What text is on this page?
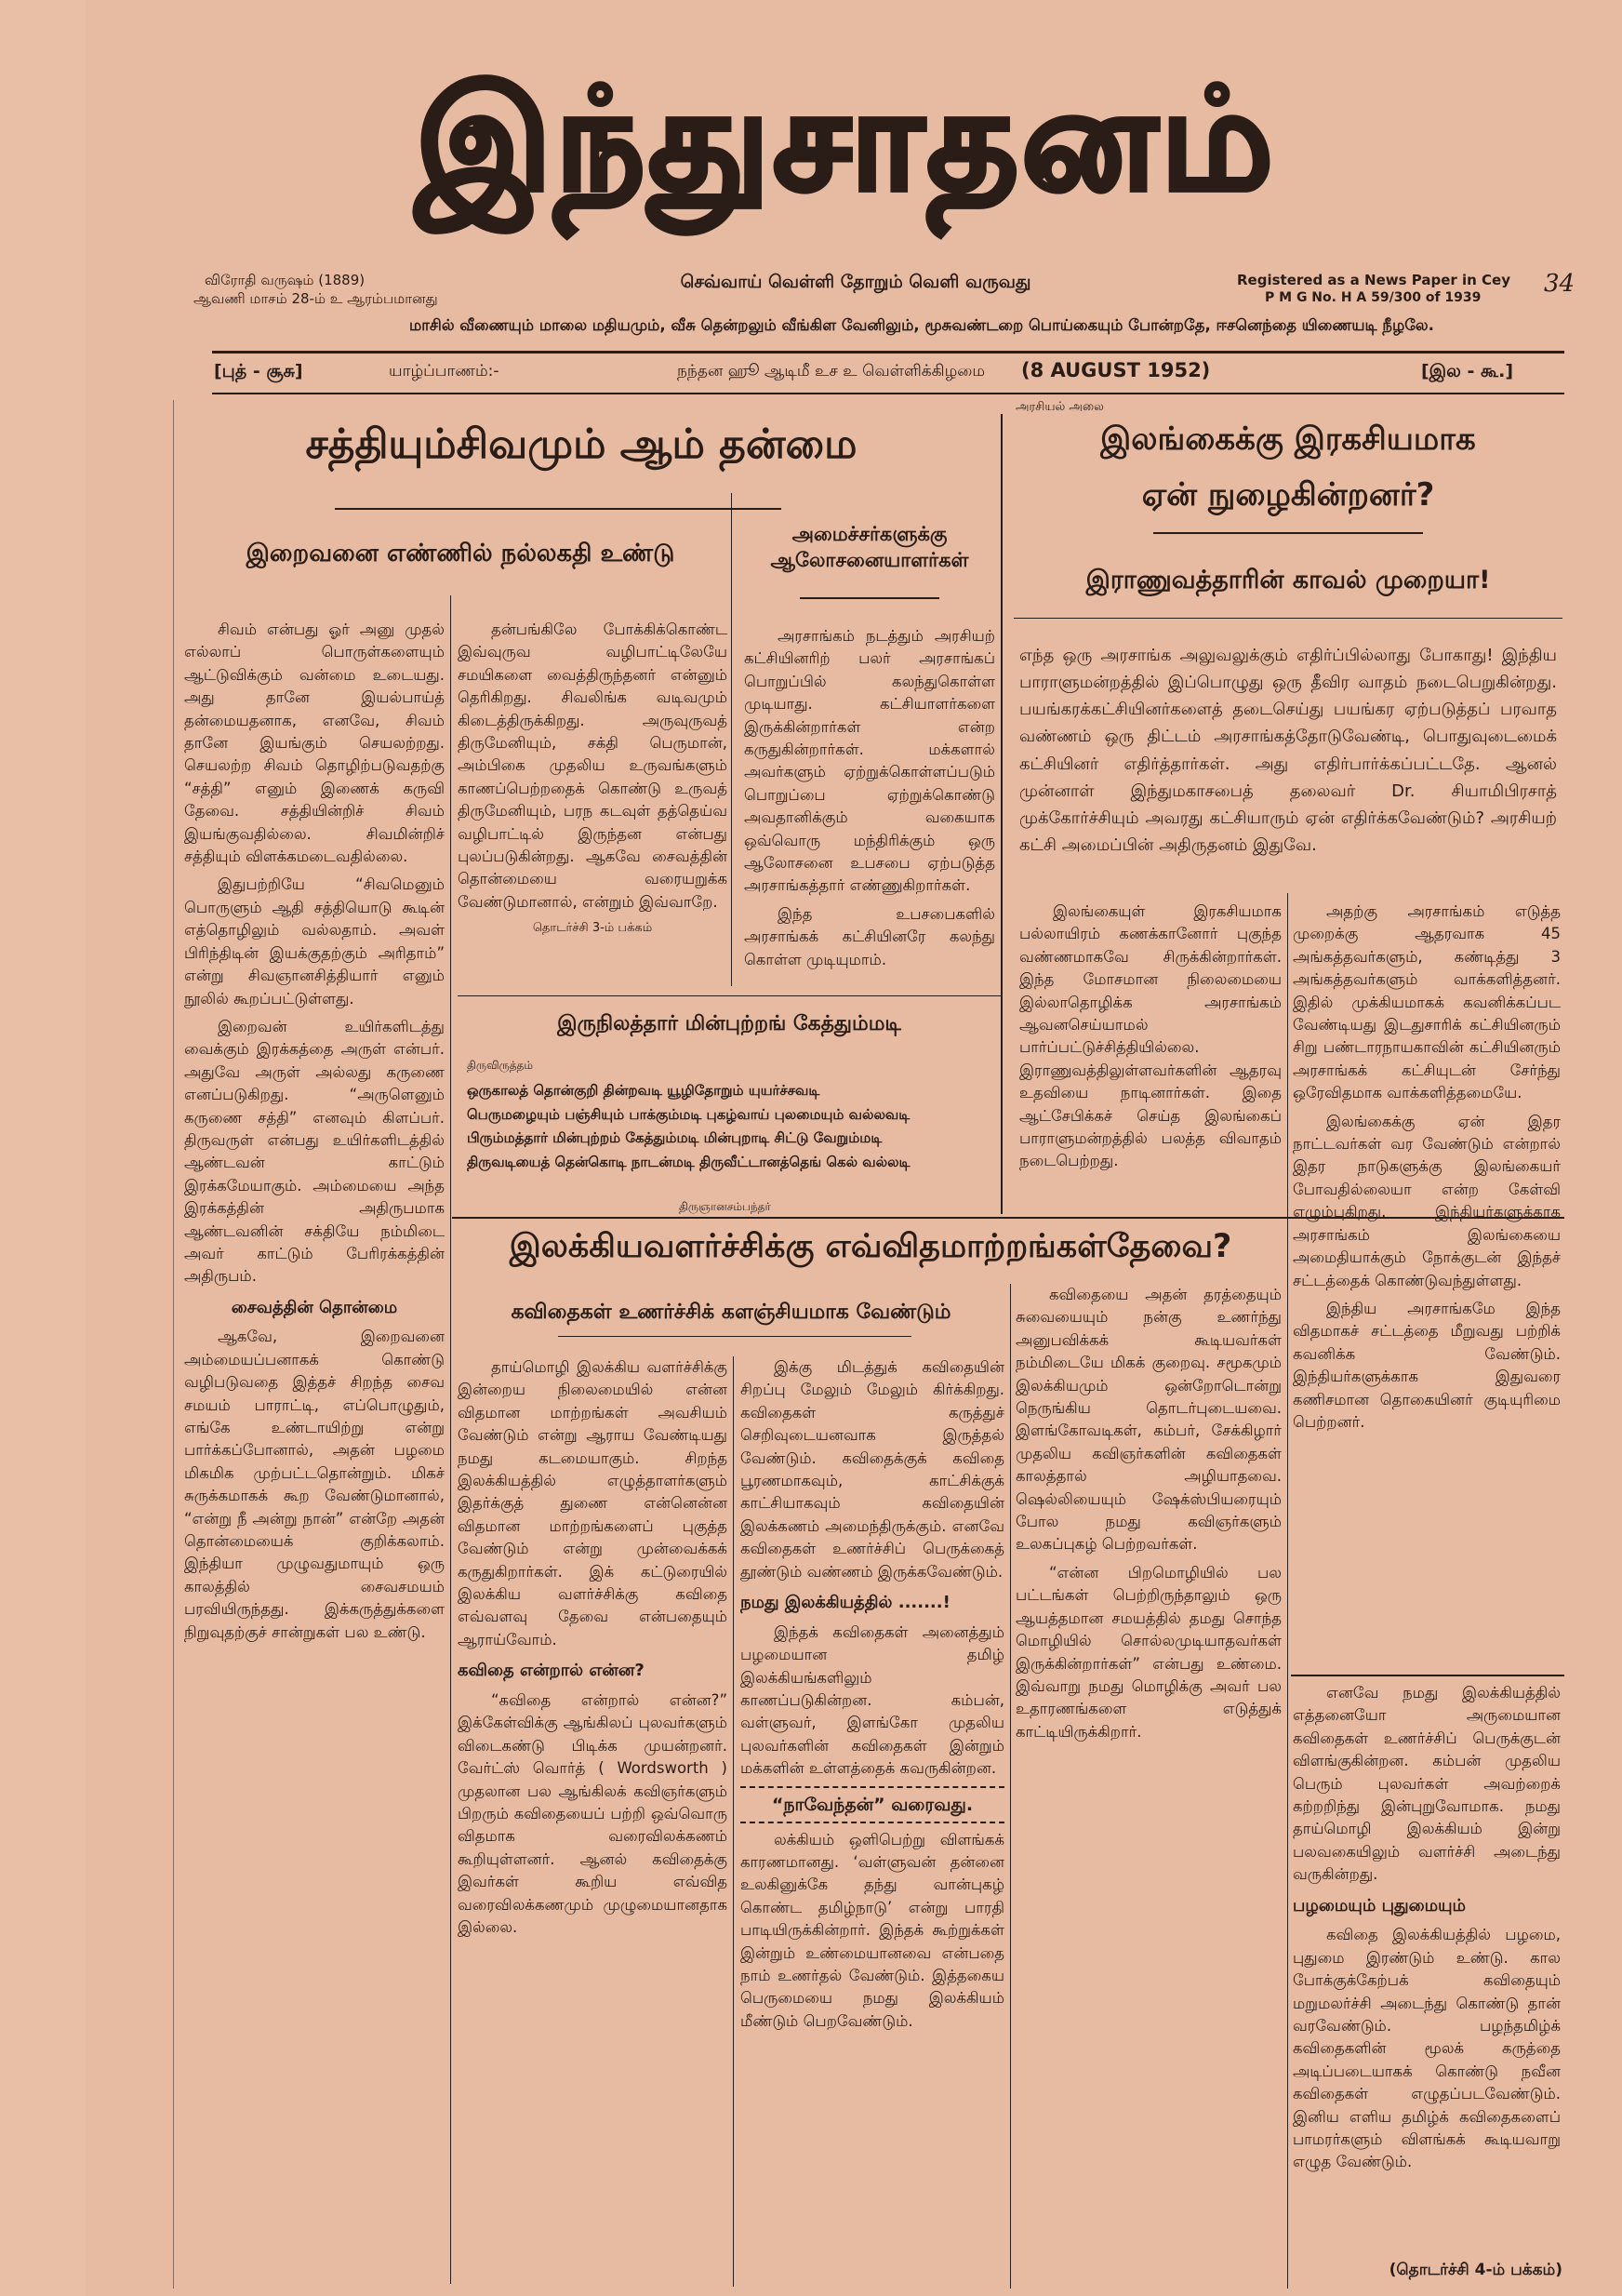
இந்துசாதனம்
விரோதி வருஷம் (1889)
ஆவணி மாசம் 28-ம் உ ஆரம்பமானது
செவ்வாய் வெள்ளி தோறும் வெளி வருவது	Registered as a News Paper in Cey
P M G No. H A 59/300 of 1939
மாசில் வீணையும் மாலை மதியமும், வீசு தென்றலும் வீங்கிள வேனிலும், மூசுவண்டறை பொய்கையும் போன்றதே, ஈசனெந்தை யிணையடி நீழலே.
34
[புத் - சூசு]	யாழ்ப்பாணம்:-	நந்தன ஹூ ஆடிமீ உச உ வெள்ளிக்கிழமை (8 AUGUST 1952)	[இல - கூ.]
சத்தியும்சிவமும் ஆம் தன்மை
இறைவனை எண்ணில் நல்லகதி உண்டு

சிவம் என்பது ஓர் அனு முதல் எல்லாப் பொருள்களையும் ஆட்டுவிக்கும் வன்மை உடையது. அது தானே இயல்பாய்த் தன்மையதனாக, எனவே, சிவம் தானே இயங்கும் செயலற்றது. செயலற்ற சிவம் தொழிற்படுவதற்கு “சத்தி” எனும் இணைக் கருவி தேவை. சத்தியின்றிச் சிவம் இயங்குவதில்லை. சிவமின்றிச் சத்தியும் விளக்கமடைவதில்லை.

இதுபற்றியே “சிவமெனும் பொருளும் ஆதி சத்தியொடு கூடின் எத்தொழிலும் வல்லதாம். அவள் பிரிந்திடின் இயக்குதற்கும் அரிதாம்” என்று சிவஞானசித்தியார் எனும் நூலில் கூறப்பட்டுள்ளது.

இறைவன் உயிர்களிடத்து வைக்கும் இரக்கத்தை அருள் என்பர். அதுவே அருள் அல்லது கருணை எனப்படுகிறது. “அருளெனும் கருணை சத்தி” எனவும் கிளப்பர். திருவருள் என்பது உயிர்களிடத்தில் ஆண்டவன் காட்டும் இரக்கமேயாகும். அம்மையை அந்த இரக்கத்தின் அதிருபமாக ஆண்டவனின் சக்தியே நம்மிடை அவர் காட்டும் பேரிரக்கத்தின் அதிருபம்.

சைவத்தின் தொன்மை

ஆகவே, இறைவனை அம்மையப்பனாகக் கொண்டு வழிபடுவதை இத்தச் சிறந்த சைவ சமயம் பாராட்டி, எப்பொழுதும், எங்கே உண்டாயிற்று என்று பார்க்கப்போனால், அதன் பழமை மிகமிக முற்பட்டதொன்றும். மிகச் சுருக்கமாகக் கூற வேண்டுமானால், “என்று நீ அன்று நான்” என்றே அதன் தொன்மையைக் குறிக்கலாம். இந்தியா முழுவதுமாயும் ஒரு காலத்தில் சைவசமயம் பரவியிருந்தது. இக்கருத்துக்களை நிறுவுதற்குச் சான்றுகள் பல உண்டு.

தன்பங்கிலே போக்கிக்கொண்ட இவ்வுருவ வழிபாட்டிலேயே சமயிகளை வைத்திருந்தனர் என்னும் தெரிகிறது. சிவலிங்க வடிவமும் கிடைத்திருக்கிறது. அருவுருவத் திருமேனியும், சக்தி பெருமான், அம்பிகை முதலிய உருவங்களும் காணப்பெற்றதைக் கொண்டு உருவத் திருமேனியும், பரந கடவுள் தத்தெய்வ வழிபாட்டில் இருந்தன என்பது புலப்படுகின்றது. ஆகவே சைவத்தின் தொன்மையை வரையறுக்க வேண்டுமானால், என்றும் இவ்வாறே.

தொடர்ச்சி 3-ம் பக்கம்
அமைச்சர்களுக்கு ஆலோசனையாளர்கள்

அரசாங்கம் நடத்தும் அரசியற் கட்சியினரிற் பலர் அரசாங்கப் பொறுப்பில் கலந்துகொள்ள முடியாது. கட்சியாளர்களை இருக்கின்றார்கள் என்ற கருதுகின்றார்கள். மக்களால் அவர்களும் ஏற்றுக்கொள்ளப்படும் பொறுப்பை ஏற்றுக்கொண்டு அவதானிக்கும் வகையாக ஒவ்வொரு மந்திரிக்கும் ஒரு ஆலோசனை உபசபை ஏற்படுத்த அரசாங்கத்தார் எண்ணுகிறார்கள்.

இந்த உபசபைகளில் அரசாங்கக் கட்சியினரே கலந்து கொள்ள முடியுமாம்.

இருநிலத்தார் மின்புற்றங் கேத்தும்மடி
திருவிருத்தம்
ஒருகாலத் தொன்குறி தின்றவடி யூழிதோறும் யுயர்ச்சவடி
பெருமழையும் பஞ்சியும் பாக்கும்மடி புகழ்வாய் புலமையும் வல்லவடி
பிரும்மத்தார் மின்புற்றம் கேத்தும்மடி மின்புறாடி சிட்டு வேறும்மடி
திருவடியைத் தென்கொடி நாடன்மடி திருவீட்டானத்தெங் கெல் வல்லடி
திருஞானசம்பந்தர்
அரசியல் அலை
இலங்கைக்கு இரகசியமாக
ஏன் நுழைகின்றனர்?
இராணுவத்தாரின் காவல் முறையா!

எந்த ஒரு அரசாங்க அலுவலுக்கும் எதிர்ப்பில்லாது போகாது! இந்திய பாராளுமன்றத்தில் இப்பொழுது ஒரு தீவிர வாதம் நடைபெறுகின்றது. பயங்கரக்கட்சியினர்களைத் தடைசெய்து பயங்கர ஏற்படுத்தப் பரவாத வண்ணம் ஒரு திட்டம் அரசாங்கத்தோடுவேண்டி, பொதுவுடைமைக் கட்சியினர் எதிர்த்தார்கள். அது எதிர்பார்க்கப்பட்டதே. ஆனல் முன்னாள் இந்துமகாசபைத் தலைவர் Dr. சியாமிபிரசாத் முக்கோர்ச்சியும் அவரது கட்சியாரும் ஏன் எதிர்க்கவேண்டும்? அரசியற் கட்சி அமைப்பின் அதிருதனம் இதுவே.

இலங்கையுள் இரகசியமாக பல்லாயிரம் கணக்கானோர் புகுந்த வண்ணமாகவே சிருக்கின்றார்கள். இந்த மோசமான நிலைமையை இல்லாதொழிக்க அரசாங்கம் ஆவனசெய்யாமல் பார்ப்பட்டுச்சித்தியில்லை. இராணுவத்திலுள்ளவர்களின் ஆதரவு உதவியை நாடினார்கள். இதை ஆட்சேபிக்கச் செய்த இலங்கைப் பாராளுமன்றத்தில் பலத்த விவாதம் நடைபெற்றது.

அதற்கு அரசாங்கம் எடுத்த முறைக்கு ஆதரவாக 45 அங்கத்தவர்களும், கண்டித்து 3 அங்கத்தவர்களும் வாக்களித்தனர். இதில் முக்கியமாகக் கவனிக்கப்பட வேண்டியது இடதுசாரிக் கட்சியினரும் சிறு பண்டாரநாயகாவின் கட்சியினரும் அரசாங்கக் கட்சியுடன் சேர்ந்து ஒரேவிதமாக வாக்களித்தமையே.

இலங்கைக்கு ஏன் இதர நாட்டவர்கள் வர வேண்டும் என்றால் இதர நாடுகளுக்கு இலங்கையர் போவதில்லையா என்ற கேள்வி எழும்புகிறது. இந்தியர்களுக்காக அரசாங்கம் இலங்கையை அமைதியாக்கும் நோக்குடன் இந்தச் சட்டத்தைக் கொண்டுவந்துள்ளது.

இந்திய அரசாங்கமே இந்த விதமாகச் சட்டத்தை மீறுவது பற்றிக் கவனிக்க வேண்டும். இந்தியர்களுக்காக இதுவரை கணிசமான தொகையினர் குடியுரிமை பெற்றனர்.

இலக்கியவளர்ச்சிக்கு எவ்விதமாற்றங்கள்தேவை?
கவிதைகள் உணர்ச்சிக் களஞ்சியமாக வேண்டும்

தாய்மொழி இலக்கிய வளர்ச்சிக்கு இன்றைய நிலைமையில் என்ன விதமான மாற்றங்கள் அவசியம் வேண்டும் என்று ஆராய வேண்டியது நமது கடமையாகும். சிறந்த இலக்கியத்தில் எழுத்தாளர்களும் இதர்க்குத் துணை என்னென்ன விதமான மாற்றங்களைப் புகுத்த வேண்டும் என்று முன்வைக்கக் கருதுகிறார்கள். இக் கட்டுரையில் இலக்கிய வளர்ச்சிக்கு கவிதை எவ்வளவு தேவை என்பதையும் ஆராய்வோம்.

கவிதை என்றால் என்ன?

“கவிதை என்றால் என்ன?” இக்கேள்விக்கு ஆங்கிலப் புலவர்களும் விடைகண்டு பிடிக்க முயன்றனர். வேர்ட்ஸ் வொர்த் ( Wordsworth ) முதலான பல ஆங்கிலக் கவிஞர்களும் பிறரும் கவிதையைப் பற்றி ஒவ்வொரு விதமாக வரைவிலக்கணம் கூறியுள்ளனர். ஆனல் கவிதைக்கு இவர்கள் கூறிய எவ்வித வரைவிலக்கணமும் முழுமையானதாக இல்லை.

இக்கு மிடத்துக் கவிதையின் சிறப்பு மேலும் மேலும் கிர்க்கிறது. கவிதைகள் கருத்துச் செறிவுடையனவாக இருத்தல் வேண்டும். கவிதைக்குக் கவிதை பூரணமாகவும், காட்சிக்குக் காட்சியாகவும் கவிதையின் இலக்கணம் அமைந்திருக்கும். எனவே கவிதைகள் உணர்ச்சிப் பெருக்கைத் தூண்டும் வண்ணம் இருக்கவேண்டும்.

நமது இலக்கியத்தில் .......!

இந்தக் கவிதைகள் அனைத்தும் பழமையான தமிழ் இலக்கியங்களிலும் காணப்படுகின்றன. கம்பன், வள்ளுவர், இளங்கோ முதலிய புலவர்களின் கவிதைகள் இன்றும் மக்களின் உள்ளத்தைக் கவருகின்றன.

“நாவேந்தன்” வரைவது.

லக்கியம் ஒளிபெற்று விளங்கக் காரணமானது. ‘வள்ளுவன் தன்னை உலகினுக்கே தந்து வான்புகழ் கொண்ட தமிழ்நாடு’ என்று பாரதி பாடியிருக்கின்றார். இந்தக் கூற்றுக்கள் இன்றும் உண்மையானவை என்பதை நாம் உணர்தல் வேண்டும். இத்தகைய பெருமையை நமது இலக்கியம் மீண்டும் பெறவேண்டும்.

கவிதையை அதன் தரத்தையும் சுவையையும் நன்கு உணர்ந்து அனுபவிக்கக் கூடியவர்கள் நம்மிடையே மிகக் குறைவு. சமூகமும் இலக்கியமும் ஒன்றோடொன்று நெருங்கிய தொடர்புடையவை. இளங்கோவடிகள், கம்பர், சேக்கிழார் முதலிய கவிஞர்களின் கவிதைகள் காலத்தால் அழியாதவை. ஷெல்லியையும் ஷேக்ஸ்பியரையும் போல நமது கவிஞர்களும் உலகப்புகழ் பெற்றவர்கள்.

“என்ன பிறமொழியில் பல பட்டங்கள் பெற்றிருந்தாலும் ஒரு ஆயத்தமான சமயத்தில் தமது சொந்த மொழியில் சொல்லமுடியாதவர்கள் இருக்கின்றார்கள்” என்பது உண்மை. இவ்வாறு நமது மொழிக்கு அவர் பல உதாரணங்களை எடுத்துக் காட்டியிருக்கிறார்.

எனவே நமது இலக்கியத்தில் எத்தனையோ அருமையான கவிதைகள் உணர்ச்சிப் பெருக்குடன் விளங்குகின்றன. கம்பன் முதலிய பெரும் புலவர்கள் அவற்றைக் கற்றறிந்து இன்புறுவோமாக. நமது தாய்மொழி இலக்கியம் இன்று பலவகையிலும் வளர்ச்சி அடைந்து வருகின்றது.

பழமையும் புதுமையும்

கவிதை இலக்கியத்தில் பழமை, புதுமை இரண்டும் உண்டு. கால போக்குக்கேற்பக் கவிதையும் மறுமலர்ச்சி அடைந்து கொண்டு தான் வரவேண்டும். பழந்தமிழ்க் கவிதைகளின் மூலக் கருத்தை அடிப்படையாகக் கொண்டு நவீன கவிதைகள் எழுதப்படவேண்டும். இனிய எளிய தமிழ்க் கவிதைகளைப் பாமரர்களும் விளங்கக் கூடியவாறு எழுத வேண்டும்.

(தொடர்ச்சி 4-ம் பக்கம்)
